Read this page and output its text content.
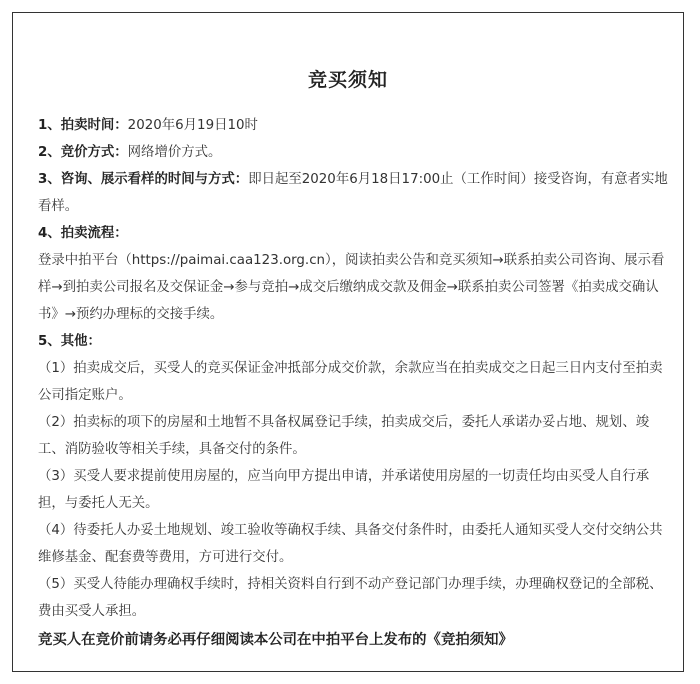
竞买须知

1、拍卖时间：2020年6月19日10时

2、竞价方式：网络增价方式。

3、咨询、展示看样的时间与方式：即日起至2020年6月18日17:00止（工作时间）接受咨询，有意者实地看样。

4、拍卖流程：

登录中拍平台（https://paimai.caa123.org.cn），阅读拍卖公告和竞买须知→联系拍卖公司咨询、展示看样→到拍卖公司报名及交保证金→参与竞拍→成交后缴纳成交款及佣金→联系拍卖公司签署《拍卖成交确认书》→预约办理标的交接手续。

5、其他：

（1）拍卖成交后，买受人的竞买保证金冲抵部分成交价款，余款应当在拍卖成交之日起三日内支付至拍卖公司指定账户。

（2）拍卖标的项下的房屋和土地暂不具备权属登记手续，拍卖成交后，委托人承诺办妥占地、规划、竣工、消防验收等相关手续，具备交付的条件。

（3）买受人要求提前使用房屋的，应当向甲方提出申请，并承诺使用房屋的一切责任均由买受人自行承担，与委托人无关。

（4）待委托人办妥土地规划、竣工验收等确权手续、具备交付条件时，由委托人通知买受人交付交纳公共维修基金、配套费等费用，方可进行交付。

（5）买受人待能办理确权手续时，持相关资料自行到不动产登记部门办理手续，办理确权登记的全部税、费由买受人承担。

竞买人在竞价前请务必再仔细阅读本公司在中拍平台上发布的《竞拍须知》
